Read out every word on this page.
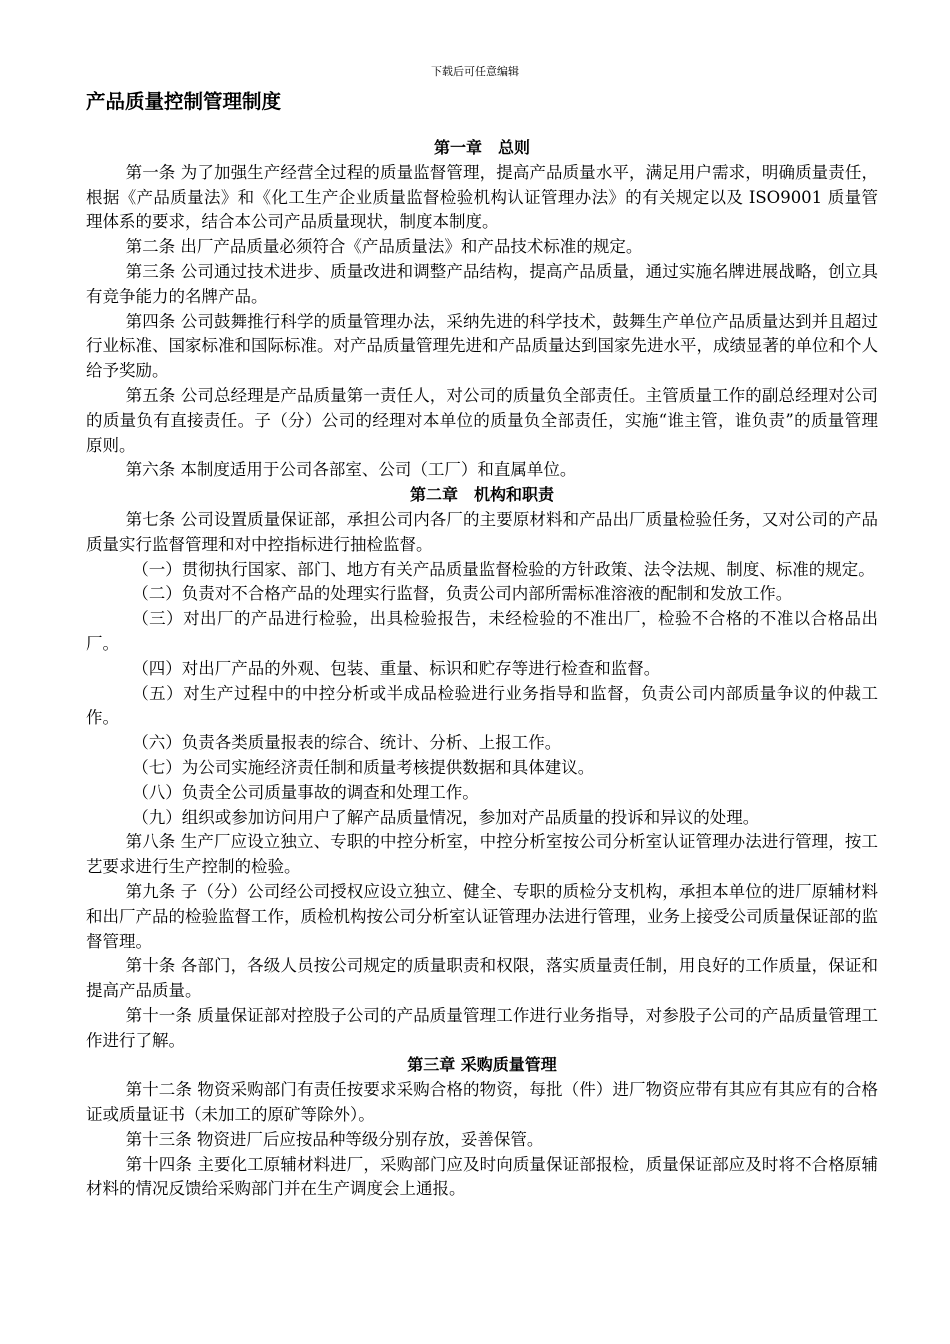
下载后可任意编辑
产品质量控制管理制度
第一章　总则
第一条 为了加强生产经营全过程的质量监督管理，提高产品质量水平，满足用户需求，明确质量责任，根据《产品质量法》和《化工生产企业质量监督检验机构认证管理办法》的有关规定以及 ISO9001 质量管理体系的要求，结合本公司产品质量现状，制度本制度。
第二条 出厂产品质量必须符合《产品质量法》和产品技术标准的规定。
第三条 公司通过技术进步、质量改进和调整产品结构，提高产品质量，通过实施名牌进展战略，创立具有竞争能力的名牌产品。
第四条 公司鼓舞推行科学的质量管理办法，采纳先进的科学技术，鼓舞生产单位产品质量达到并且超过行业标准、国家标准和国际标准。对产品质量管理先进和产品质量达到国家先进水平，成绩显著的单位和个人给予奖励。
第五条 公司总经理是产品质量第一责任人，对公司的质量负全部责任。主管质量工作的副总经理对公司的质量负有直接责任。子（分）公司的经理对本单位的质量负全部责任，实施“谁主管，谁负责”的质量管理原则。
第六条 本制度适用于公司各部室、公司（工厂）和直属单位。
第二章　机构和职责
第七条 公司设置质量保证部，承担公司内各厂的主要原材料和产品出厂质量检验任务，又对公司的产品质量实行监督管理和对中控指标进行抽检监督。
（一）贯彻执行国家、部门、地方有关产品质量监督检验的方针政策、法令法规、制度、标准的规定。
（二）负责对不合格产品的处理实行监督，负责公司内部所需标准溶液的配制和发放工作。
（三）对出厂的产品进行检验，出具检验报告，未经检验的不准出厂，检验不合格的不准以合格品出厂。
（四）对出厂产品的外观、包装、重量、标识和贮存等进行检查和监督。
（五）对生产过程中的中控分析或半成品检验进行业务指导和监督，负责公司内部质量争议的仲裁工作。
（六）负责各类质量报表的综合、统计、分析、上报工作。
（七）为公司实施经济责任制和质量考核提供数据和具体建议。
（八）负责全公司质量事故的调查和处理工作。
（九）组织或参加访问用户了解产品质量情况，参加对产品质量的投诉和异议的处理。
第八条 生产厂应设立独立、专职的中控分析室，中控分析室按公司分析室认证管理办法进行管理，按工艺要求进行生产控制的检验。
第九条 子（分）公司经公司授权应设立独立、健全、专职的质检分支机构，承担本单位的进厂原辅材料和出厂产品的检验监督工作，质检机构按公司分析室认证管理办法进行管理，业务上接受公司质量保证部的监督管理。
第十条 各部门，各级人员按公司规定的质量职责和权限，落实质量责任制，用良好的工作质量，保证和提高产品质量。
第十一条 质量保证部对控股子公司的产品质量管理工作进行业务指导，对参股子公司的产品质量管理工作进行了解。
第三章 采购质量管理
第十二条 物资采购部门有责任按要求采购合格的物资，每批（件）进厂物资应带有其应有其应有的合格证或质量证书（未加工的原矿等除外）。
第十三条 物资进厂后应按品种等级分别存放，妥善保管。
第十四条 主要化工原辅材料进厂，采购部门应及时向质量保证部报检，质量保证部应及时将不合格原辅材料的情况反馈给采购部门并在生产调度会上通报。
